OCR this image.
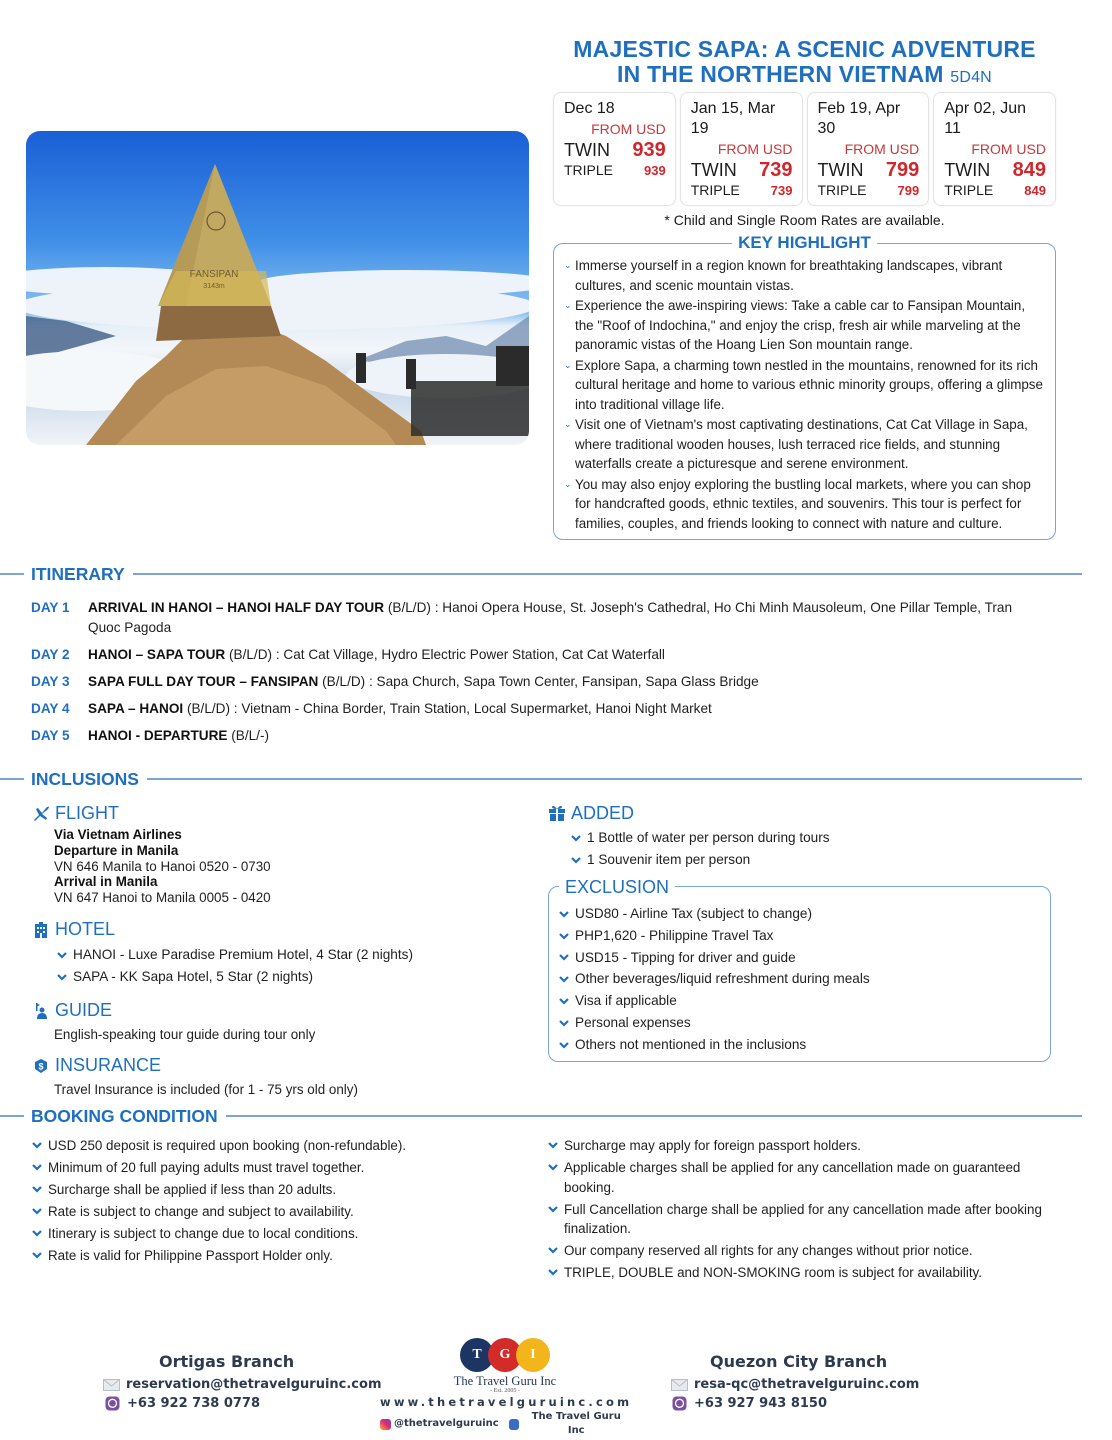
FANSIPAN
3143m
MAJESTIC SAPA: A SCENIC ADVENTURE
IN THE NORTHERN VIETNAM 5D4N
Dec 18
FROM USD
TWIN 939
TRIPLE 939
Jan 15, Mar 19
FROM USD
TWIN 739
TRIPLE 739
Feb 19, Apr 30
FROM USD
TWIN 799
TRIPLE 799
Apr 02, Jun 11
FROM USD
TWIN 849
TRIPLE 849
* Child and Single Room Rates are available.
KEY HIGHLIGHT
⌄ Immerse yourself in a region known for breathtaking landscapes, vibrant cultures, and scenic mountain vistas.
⌄ Experience the awe-inspiring views: Take a cable car to Fansipan Mountain, the "Roof of Indochina," and enjoy the crisp, fresh air while marveling at the panoramic vistas of the Hoang Lien Son mountain range.
⌄ Explore Sapa, a charming town nestled in the mountains, renowned for its rich cultural heritage and home to various ethnic minority groups, offering a glimpse into traditional village life.
⌄ Visit one of Vietnam's most captivating destinations, Cat Cat Village in Sapa, where traditional wooden houses, lush terraced rice fields, and stunning waterfalls create a picturesque and serene environment.
⌄ You may also enjoy exploring the bustling local markets, where you can shop for handcrafted goods, ethnic textiles, and souvenirs. This tour is perfect for families, couples, and friends looking to connect with nature and culture.
ITINERARY
DAY 1	ARRIVAL IN HANOI – HANOI HALF DAY TOUR (B/L/D) : Hanoi Opera House, St. Joseph's Cathedral, Ho Chi Minh Mausoleum, One Pillar Temple, Tran Quoc Pagoda
DAY 2	HANOI – SAPA TOUR (B/L/D) : Cat Cat Village, Hydro Electric Power Station, Cat Cat Waterfall
DAY 3	SAPA FULL DAY TOUR – FANSIPAN (B/L/D) : Sapa Church, Sapa Town Center, Fansipan, Sapa Glass Bridge
DAY 4	SAPA – HANOI (B/L/D) : Vietnam - China Border, Train Station, Local Supermarket, Hanoi Night Market
DAY 5	HANOI - DEPARTURE (B/L/-)
INCLUSIONS
FLIGHT
Via Vietnam Airlines
Departure in Manila
VN 646 Manila to Hanoi 0520 - 0730
Arrival in Manila
VN 647 Hanoi to Manila 0005 - 0420
HOTEL
HANOI - Luxe Paradise Premium Hotel, 4 Star (2 nights)
SAPA - KK Sapa Hotel, 5 Star (2 nights)
GUIDE
English-speaking tour guide during tour only
$ INSURANCE
Travel Insurance is included (for 1 - 75 yrs old only)
ADDED
1 Bottle of water per person during tours
1 Souvenir item per person
EXCLUSION
USD80 - Airline Tax (subject to change)
PHP1,620 - Philippine Travel Tax
USD15 - Tipping for driver and guide
Other beverages/liquid refreshment during meals
Visa if applicable
Personal expenses
Others not mentioned in the inclusions
BOOKING CONDITION
USD 250 deposit is required upon booking (non-refundable).
Minimum of 20 full paying adults must travel together.
Surcharge shall be applied if less than 20 adults.
Rate is subject to change and subject to availability.
Itinerary is subject to change due to local conditions.
Rate is valid for Philippine Passport Holder only.
Surcharge may apply for foreign passport holders.
Applicable charges shall be applied for any cancellation made on guaranteed booking.
Full Cancellation charge shall be applied for any cancellation made after booking finalization.
Our company reserved all rights for any changes without prior notice.
TRIPLE, DOUBLE and NON-SMOKING room is subject for availability.
Ortigas Branch
reservation@thetravelguruinc.com
+63 922 738 0778
T	G	I
The Travel Guru Inc
- Est. 2005 -
www.thetravelguruinc.com
@thetravelguruinc
The Travel Guru Inc
Quezon City Branch
resa-qc@thetravelguruinc.com
+63 927 943 8150
